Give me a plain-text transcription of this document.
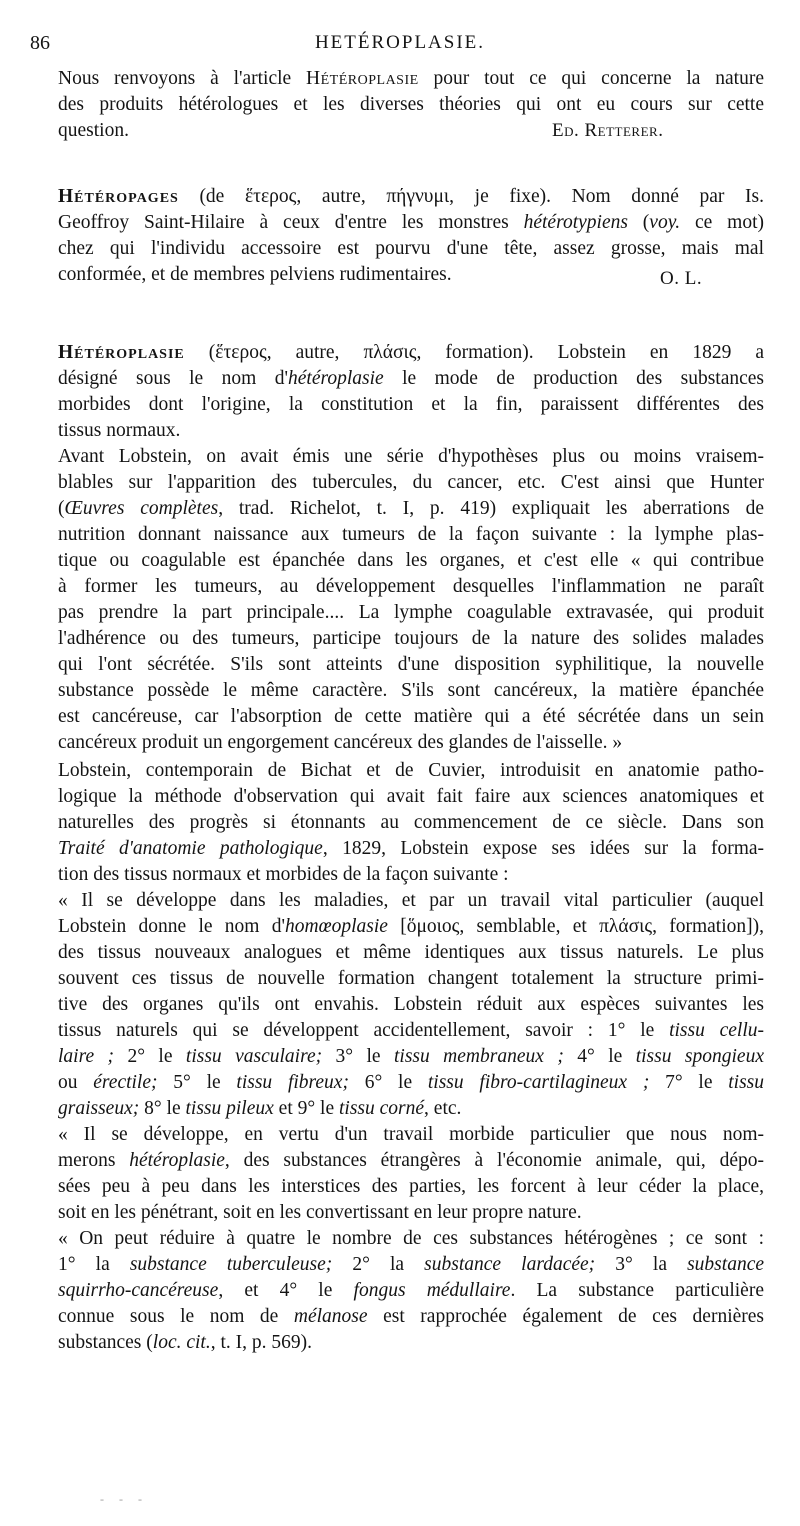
86	HETÉROPLASIE.
Nous renvoyons à l'article Hétéroplasie pour tout ce qui concerne la nature
des produits hétérologues et les diverses théories qui ont eu cours sur cette
question.
Hétéropages (de ἕτερος, autre, πήγνυμι, je fixe). Nom donné par Is.
Geoffroy Saint-Hilaire à ceux d'entre les monstres hétérotypiens (voy. ce mot)
chez qui l'individu accessoire est pourvu d'une tête, assez grosse, mais mal
conformée, et de membres pelviens rudimentaires.
Hétéroplasie (ἕτερος, autre, πλάσις, formation). Lobstein en 1829 a
désigné sous le nom d'hétéroplasie le mode de production des substances
morbides dont l'origine, la constitution et la fin, paraissent différentes des
tissus normaux.
Avant Lobstein, on avait émis une série d'hypothèses plus ou moins vraisem-
blables sur l'apparition des tubercules, du cancer, etc. C'est ainsi que Hunter
(Œuvres complètes, trad. Richelot, t. I, p. 419) expliquait les aberrations de
nutrition donnant naissance aux tumeurs de la façon suivante : la lymphe plas-
tique ou coagulable est épanchée dans les organes, et c'est elle « qui contribue
à former les tumeurs, au développement desquelles l'inflammation ne paraît
pas prendre la part principale.... La lymphe coagulable extravasée, qui produit
l'adhérence ou des tumeurs, participe toujours de la nature des solides malades
qui l'ont sécrétée. S'ils sont atteints d'une disposition syphilitique, la nouvelle
substance possède le même caractère. S'ils sont cancéreux, la matière épanchée
est cancéreuse, car l'absorption de cette matière qui a été sécrétée dans un sein
cancéreux produit un engorgement cancéreux des glandes de l'aisselle. »
Lobstein, contemporain de Bichat et de Cuvier, introduisit en anatomie patho-
logique la méthode d'observation qui avait fait faire aux sciences anatomiques et
naturelles des progrès si étonnants au commencement de ce siècle. Dans son
Traité d'anatomie pathologique, 1829, Lobstein expose ses idées sur la forma-
tion des tissus normaux et morbides de la façon suivante :
« Il se développe dans les maladies, et par un travail vital particulier (auquel
Lobstein donne le nom d'homœoplasie [ὅμοιος, semblable, et πλάσις, formation]),
des tissus nouveaux analogues et même identiques aux tissus naturels. Le plus
souvent ces tissus de nouvelle formation changent totalement la structure primi-
tive des organes qu'ils ont envahis. Lobstein réduit aux espèces suivantes les
tissus naturels qui se développent accidentellement, savoir : 1° le tissu cellu-
laire ; 2° le tissu vasculaire; 3° le tissu membraneux ; 4° le tissu spongieux
ou érectile; 5° le tissu fibreux; 6° le tissu fibro-cartilagineux ; 7° le tissu
graisseux; 8° le tissu pileux et 9° le tissu corné, etc.
« Il se développe, en vertu d'un travail morbide particulier que nous nom-
merons hétéroplasie, des substances étrangères à l'économie animale, qui, dépo-
sées peu à peu dans les interstices des parties, les forcent à leur céder la place,
soit en les pénétrant, soit en les convertissant en leur propre nature.
« On peut réduire à quatre le nombre de ces substances hétérogènes ; ce sont :
1° la substance tuberculeuse; 2° la substance lardacée; 3° la substance
squirrho-cancéreuse, et 4° le fongus médullaire. La substance particulière
connue sous le nom de mélanose est rapprochée également de ces dernières
substances (loc. cit., t. I, p. 569).
Ed. Retterer.
O. L.
- - -
